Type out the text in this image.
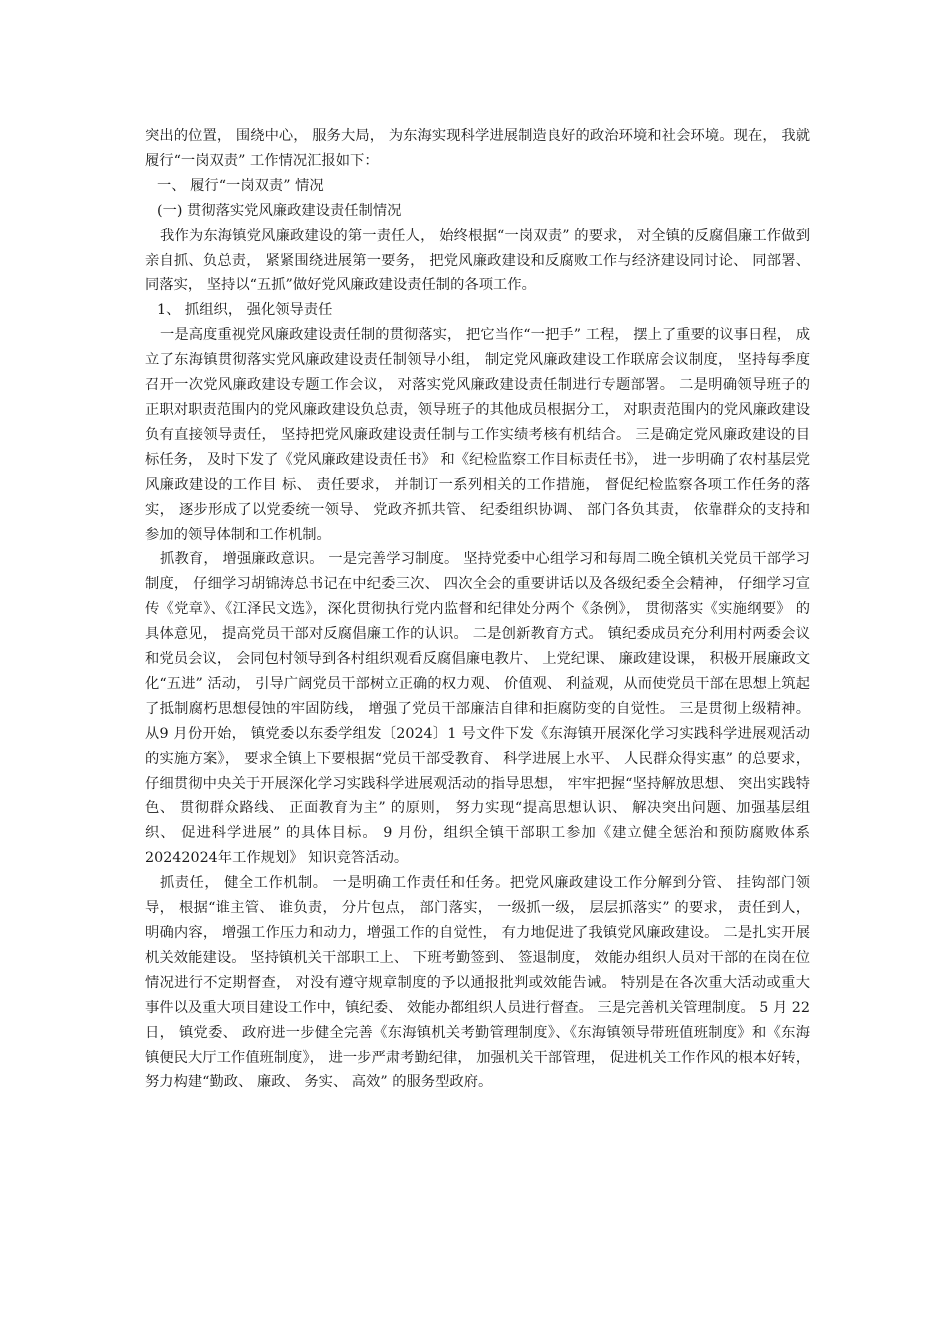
突出的位置， 围绕中心， 服务大局， 为东海实现科学进展制造良好的政治环境和社会环境。现在， 我就履行“一岗双责” 工作情况汇报如下：

一、 履行“一岗双责” 情况

(一) 贯彻落实党风廉政建设责任制情况

我作为东海镇党风廉政建设的第一责任人， 始终根据“一岗双责” 的要求， 对全镇的反腐倡廉工作做到亲自抓、负总责， 紧紧围绕进展第一要务， 把党风廉政建设和反腐败工作与经济建设同讨论、 同部署、 同落实， 坚持以“五抓”做好党风廉政建设责任制的各项工作。

1、 抓组织， 强化领导责任

一是高度重视党风廉政建设责任制的贯彻落实， 把它当作“一把手” 工程， 摆上了重要的议事日程， 成立了东海镇贯彻落实党风廉政建设责任制领导小组， 制定党风廉政建设工作联席会议制度， 坚持每季度召开一次党风廉政建设专题工作会议， 对落实党风廉政建设责任制进行专题部署。 二是明确领导班子的正职对职责范围内的党风廉政建设负总责，领导班子的其他成员根据分工， 对职责范围内的党风廉政建设负有直接领导责任， 坚持把党风廉政建设责任制与工作实绩考核有机结合。 三是确定党风廉政建设的目标任务， 及时下发了《党风廉政建设责任书》 和《纪检监察工作目标责任书》， 进一步明确了农村基层党风廉政建设的工作目 标、 责任要求， 并制订一系列相关的工作措施， 督促纪检监察各项工作任务的落实， 逐步形成了以党委统一领导、 党政齐抓共管、 纪委组织协调、 部门各负其责， 依靠群众的支持和参加的领导体制和工作机制。

抓教育， 增强廉政意识。 一是完善学习制度。 坚持党委中心组学习和每周二晚全镇机关党员干部学习制度， 仔细学习胡锦涛总书记在中纪委三次、 四次全会的重要讲话以及各级纪委全会精神， 仔细学习宣传《党章》、《江泽民文选》，深化贯彻执行党内监督和纪律处分两个《条例》， 贯彻落实《实施纲要》 的具体意见， 提高党员干部对反腐倡廉工作的认识。 二是创新教育方式。 镇纪委成员充分利用村两委会议和党员会议， 会同包村领导到各村组织观看反腐倡廉电教片、 上党纪课、 廉政建设课， 积极开展廉政文化“五进” 活动， 引导广阔党员干部树立正确的权力观、 价值观、 利益观，从而使党员干部在思想上筑起了抵制腐朽思想侵蚀的牢固防线， 增强了党员干部廉洁自律和拒腐防变的自觉性。 三是贯彻上级精神。 从9 月份开始， 镇党委以东委学组发〔2024〕1 号文件下发《东海镇开展深化学习实践科学进展观活动的实施方案》， 要求全镇上下要根据“党员干部受教育、 科学进展上水平、 人民群众得实惠” 的总要求， 仔细贯彻中央关于开展深化学习实践科学进展观活动的指导思想， 牢牢把握“坚持解放思想、 突出实践特色、 贯彻群众路线、 正面教育为主” 的原则， 努力实现“提高思想认识、 解决突出问题、加强基层组织、 促进科学进展” 的具体目标。 9 月份，组织全镇干部职工参加《建立健全惩治和预防腐败体系20242024年工作规划》 知识竞答活动。

抓责任， 健全工作机制。 一是明确工作责任和任务。把党风廉政建设工作分解到分管、 挂钩部门领导， 根据“谁主管、 谁负责， 分片包点， 部门落实， 一级抓一级， 层层抓落实” 的要求， 责任到人， 明确内容， 增强工作压力和动力，增强工作的自觉性， 有力地促进了我镇党风廉政建设。 二是扎实开展机关效能建设。 坚持镇机关干部职工上、 下班考勤签到、 签退制度， 效能办组织人员对干部的在岗在位情况进行不定期督查， 对没有遵守规章制度的予以通报批判或效能告诫。 特别是在各次重大活动或重大事件以及重大项目建设工作中，镇纪委、 效能办都组织人员进行督查。 三是完善机关管理制度。 5 月 22 日， 镇党委、 政府进一步健全完善《东海镇机关考勤管理制度》、《东海镇领导带班值班制度》和《东海镇便民大厅工作值班制度》， 进一步严肃考勤纪律， 加强机关干部管理， 促进机关工作作风的根本好转， 努力构建“勤政、 廉政、 务实、 高效” 的服务型政府。
